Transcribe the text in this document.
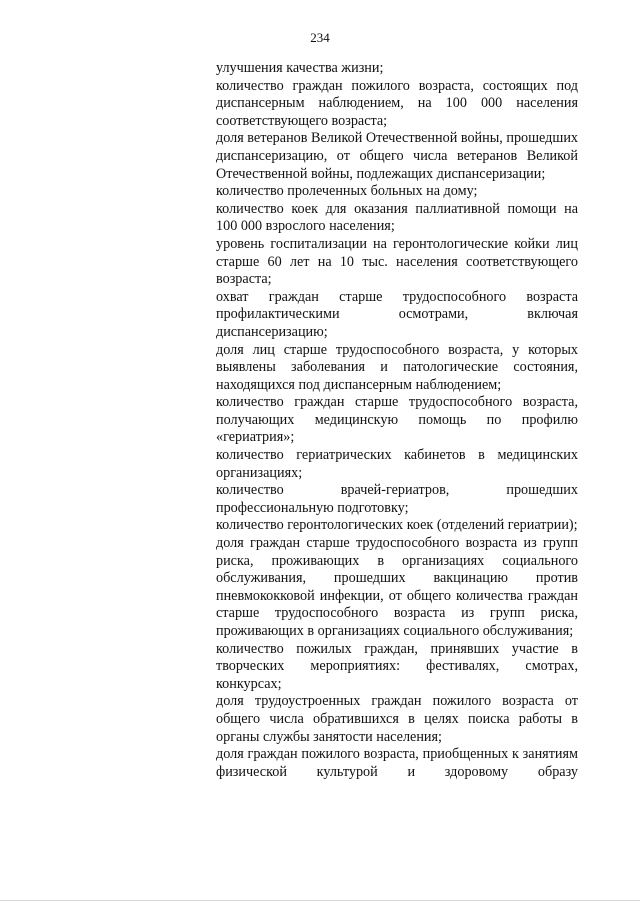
234

улучшения качества жизни;

количество граждан пожилого возраста, состоящих под диспансерным наблюдением, на 100 000 населения соответствующего возраста;

доля ветеранов Великой Отечественной войны, прошедших диспансеризацию, от общего числа ветеранов Великой Отечественной войны, подлежащих диспансеризации;

количество пролеченных больных на дому;

количество коек для оказания паллиативной помощи на 100 000 взрослого населения;

уровень госпитализации на геронтологические койки лиц старше 60 лет на 10 тыс. населения соответствующего возраста;

охват граждан старше трудоспособного возраста профилактическими осмотрами, включая диспансеризацию;

доля лиц старше трудоспособного возраста, у которых выявлены заболевания и патологические состояния, находящихся под диспансерным наблюдением;

количество граждан старше трудоспособного возраста, получающих медицинскую помощь по профилю «гериатрия»;

количество гериатрических кабинетов в медицинских организациях;

количество врачей-гериатров, прошедших профессиональную подготовку;

количество геронтологических коек (отделений гериатрии);

доля граждан старше трудоспособного возраста из групп риска, проживающих в организациях социального обслуживания, прошедших вакцинацию против пневмококковой инфекции, от общего количества граждан старше трудоспособного возраста из групп риска, проживающих в организациях социального обслуживания;

количество пожилых граждан, принявших участие в творческих мероприятиях: фестивалях, смотрах, конкурсах;

доля трудоустроенных граждан пожилого возраста от общего числа обратившихся в целях поиска работы в органы службы занятости населения;

доля граждан пожилого возраста, приобщенных к занятиям физической культурой и здоровому образу
